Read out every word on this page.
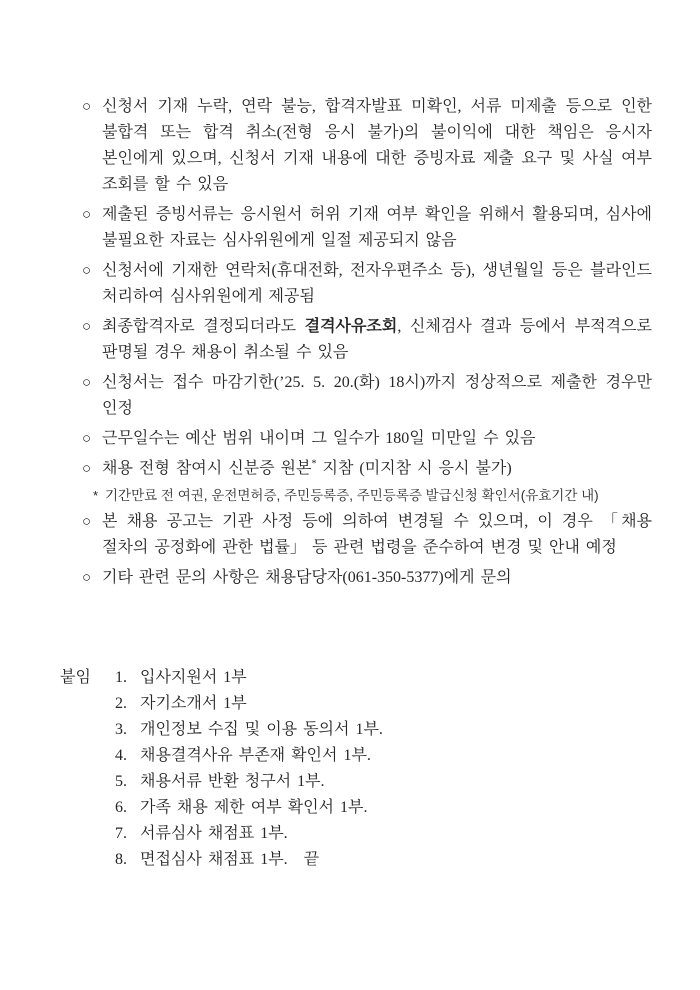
○ 신청서 기재 누락, 연락 불능, 합격자발표 미확인, 서류 미제출 등으로 인한 불합격 또는 합격 취소(전형 응시 불가)의 불이익에 대한 책임은 응시자 본인에게 있으며, 신청서 기재 내용에 대한 증빙자료 제출 요구 및 사실 여부 조회를 할 수 있음

○ 제출된 증빙서류는 응시원서 허위 기재 여부 확인을 위해서 활용되며, 심사에 불필요한 자료는 심사위원에게 일절 제공되지 않음

○ 신청서에 기재한 연락처(휴대전화, 전자우편주소 등), 생년월일 등은 블라인드 처리하여 심사위원에게 제공됨

○ 최종합격자로 결정되더라도 결격사유조회, 신체검사 결과 등에서 부적격으로 판명될 경우 채용이 취소될 수 있음

○ 신청서는 접수 마감기한(’25. 5. 20.(화) 18시)까지 정상적으로 제출한 경우만 인정

○ 근무일수는 예산 범위 내이며 그 일수가 180일 미만일 수 있음

○ 채용 전형 참여시 신분증 원본* 지참 (미지참 시 응시 불가)

* 기간만료 전 여권, 운전면허증, 주민등록증, 주민등록증 발급신청 확인서(유효기간 내)

○ 본 채용 공고는 기관 사정 등에 의하여 변경될 수 있으며, 이 경우 「채용 절차의 공정화에 관한 법률」 등 관련 법령을 준수하여 변경 및 안내 예정

○ 기타 관련 문의 사항은 채용담당자(061-350-5377)에게 문의

붙임	1. 입사지원서 1부
2. 자기소개서 1부
3. 개인정보 수집 및 이용 동의서 1부.
4. 채용결격사유 부존재 확인서 1부.
5. 채용서류 반환 청구서 1부.
6. 가족 채용 제한 여부 확인서 1부.
7. 서류심사 채점표 1부.
8. 면접심사 채점표 1부. 끝
